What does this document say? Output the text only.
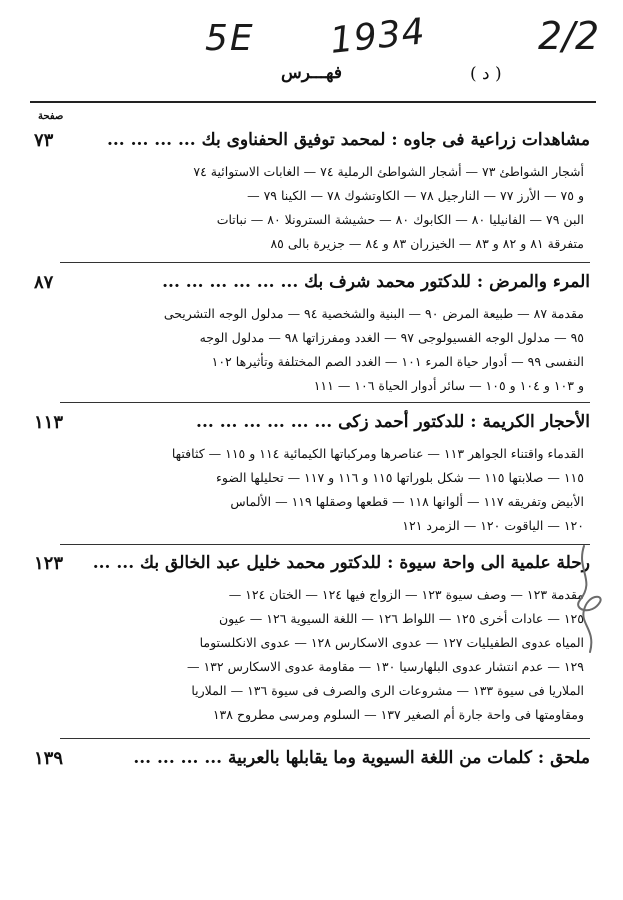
5E 1934	2/2
فهـــرس	( د )
صفحة
مشاهدات زراعية فى جاوه : لمحمد توفيق الحفناوى بك ... ... ... ...
٧٣
أشجار الشواطئ ٧٣ — أشجار الشواطئ الرملية ٧٤ — الغابات الاستوائية ٧٤
و ٧٥ — الأرز ٧٧ — النارجيل ٧٨ — الكاوتشوك ٧٨ — الكينا ٧٩ —
البن ٧٩ — الفانيليا ٨٠ — الكابوك ٨٠ — حشيشة السترونلا ٨٠ — نباتات
متفرقة ٨١ و ٨٢ و ٨٣ — الخيزران ٨٣ و ٨٤ — جزيرة بالى ٨٥
المرء والمرض : للدكتور محمد شرف بك ... ... ... ... ... ...
٨٧
مقدمة ٨٧ — طبيعة المرض ٩٠ — البنية والشخصية ٩٤ — مدلول الوجه التشريحى
٩٥ — مدلول الوجه الفسيولوجى ٩٧ — الغدد ومفرزاتها ٩٨ — مدلول الوجه
النفسى ٩٩ — أدوار حياة المرء ١٠١ — الغدد الصم المختلفة وتأثيرها ١٠٢
و ١٠٣ و ١٠٤ و ١٠٥ — سائر أدوار الحياة ١٠٦ — ١١١
الأحجار الكريمة : للدكتور أحمد زكى ... ... ... ... ... ...
١١٣
القدماء واقتناء الجواهر ١١٣ — عناصرها ومركباتها الكيمائية ١١٤ و ١١٥ — كثافتها
١١٥ — صلابتها ١١٥ — شكل بلوراتها ١١٥ و ١١٦ و ١١٧ — تحليلها الضوء
الأبيض وتفريقه ١١٧ — ألوانها ١١٨ — قطعها وصقلها ١١٩ — الألماس
١٢٠ — الياقوت ١٢٠ — الزمرد ١٢١
رحلة علمية الى واحة سيوة : للدكتور محمد خليل عبد الخالق بك ... ...
١٢٣
مقدمة ١٢٣ — وصف سيوة ١٢٣ — الزواج فيها ١٢٤ — الختان ١٢٤ —
١٢٥ — عادات أخرى ١٢٥ — اللواط ١٢٦ — اللغة السيوية ١٢٦ — عيون
المياه عدوى الطفيليات ١٢٧ — عدوى الاسكارس ١٢٨ — عدوى الانكلستوما
١٢٩ — عدم انتشار عدوى البلهارسيا ١٣٠ — مقاومة عدوى الاسكارس ١٣٢ —
الملاريا فى سيوة ١٣٣ — مشروعات الرى والصرف فى سيوة ١٣٦ — الملاريا
ومقاومتها فى واحة جارة أم الصغير ١٣٧ — السلوم ومرسى مطروح ١٣٨
ملحق : كلمات من اللغة السيوية وما يقابلها بالعربية ... ... ... ...
١٣٩
